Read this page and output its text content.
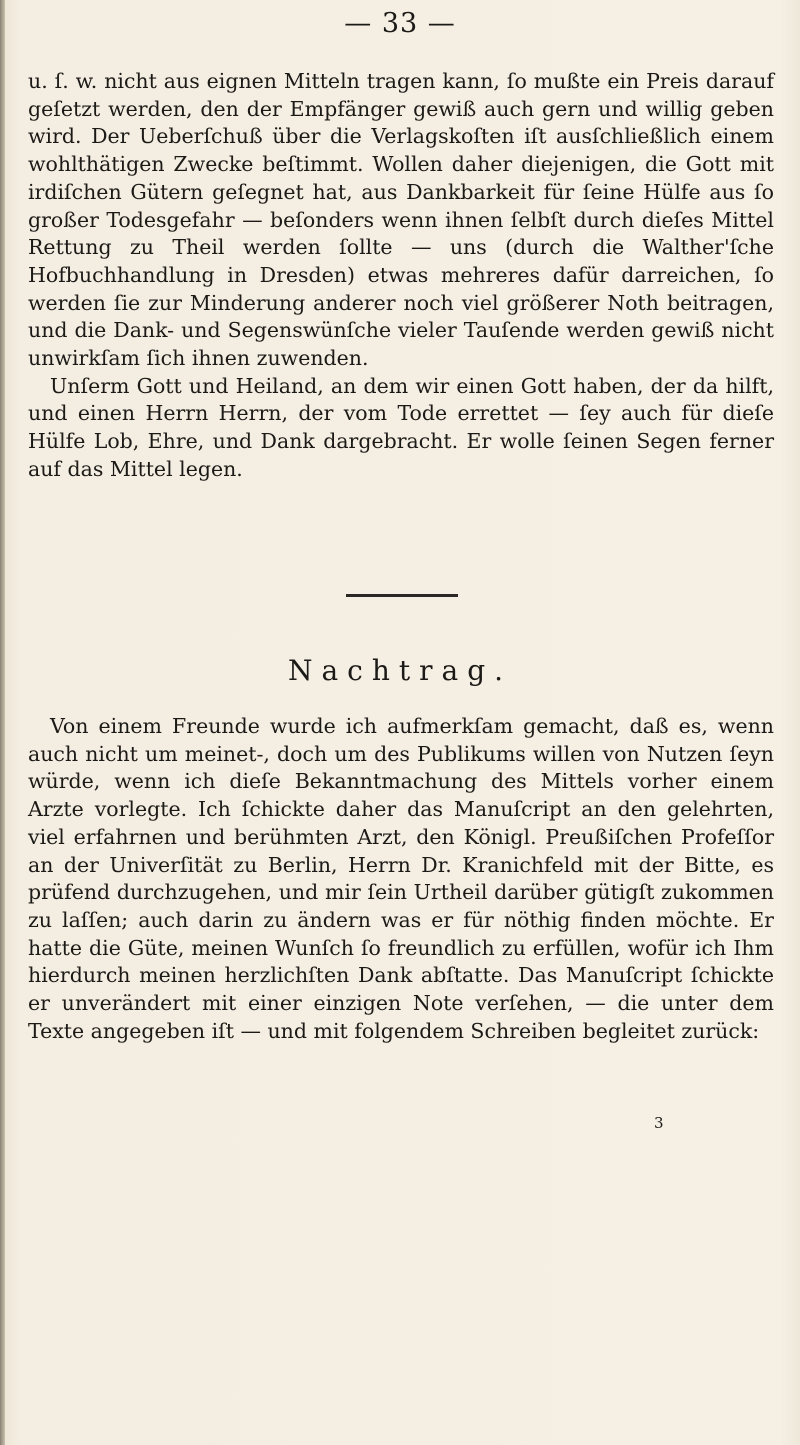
— 33 —

u. ſ. w. nicht aus eignen Mitteln tragen kann, ſo mußte ein Preis darauf geſetzt werden, den der Empfänger gewiß auch gern und willig geben wird. Der Ueberſchuß über die Verlagskoſten iſt ausſchließlich einem wohlthätigen Zwecke beſtimmt. Wollen daher diejenigen, die Gott mit irdiſchen Gütern geſegnet hat, aus Dankbarkeit für ſeine Hülfe aus ſo großer Todesgefahr — beſonders wenn ihnen ſelbſt durch dieſes Mittel Rettung zu Theil werden ſollte — uns (durch die Walther'ſche Hofbuchhandlung in Dresden) etwas mehreres dafür darreichen, ſo werden ſie zur Minderung anderer noch viel größerer Noth beitragen, und die Dank- und Segenswünſche vieler Tauſende werden gewiß nicht unwirkſam ſich ihnen zuwenden.

Unſerm Gott und Heiland, an dem wir einen Gott haben, der da hilft, und einen Herrn Herrn, der vom Tode errettet — ſey auch für dieſe Hülfe Lob, Ehre, und Dank dargebracht. Er wolle ſeinen Segen ferner auf das Mittel legen.

Nachtrag.

Von einem Freunde wurde ich aufmerkſam gemacht, daß es, wenn auch nicht um meinet-, doch um des Publikums willen von Nutzen ſeyn würde, wenn ich dieſe Bekanntmachung des Mittels vorher einem Arzte vorlegte. Ich ſchickte daher das Manuſcript an den gelehrten, viel erfahrnen und berühmten Arzt, den Königl. Preußiſchen Profeſſor an der Univerſität zu Berlin, Herrn Dr. Kranichfeld mit der Bitte, es prüfend durchzugehen, und mir ſein Urtheil darüber gütigſt zukommen zu laſſen; auch darin zu ändern was er für nöthig finden möchte. Er hatte die Güte, meinen Wunſch ſo freundlich zu erfüllen, wofür ich Ihm hierdurch meinen herzlichſten Dank abſtatte. Das Manuſcript ſchickte er unverändert mit einer einzigen Note verſehen, — die unter dem Texte angegeben iſt — und mit folgendem Schreiben begleitet zurück:

3
